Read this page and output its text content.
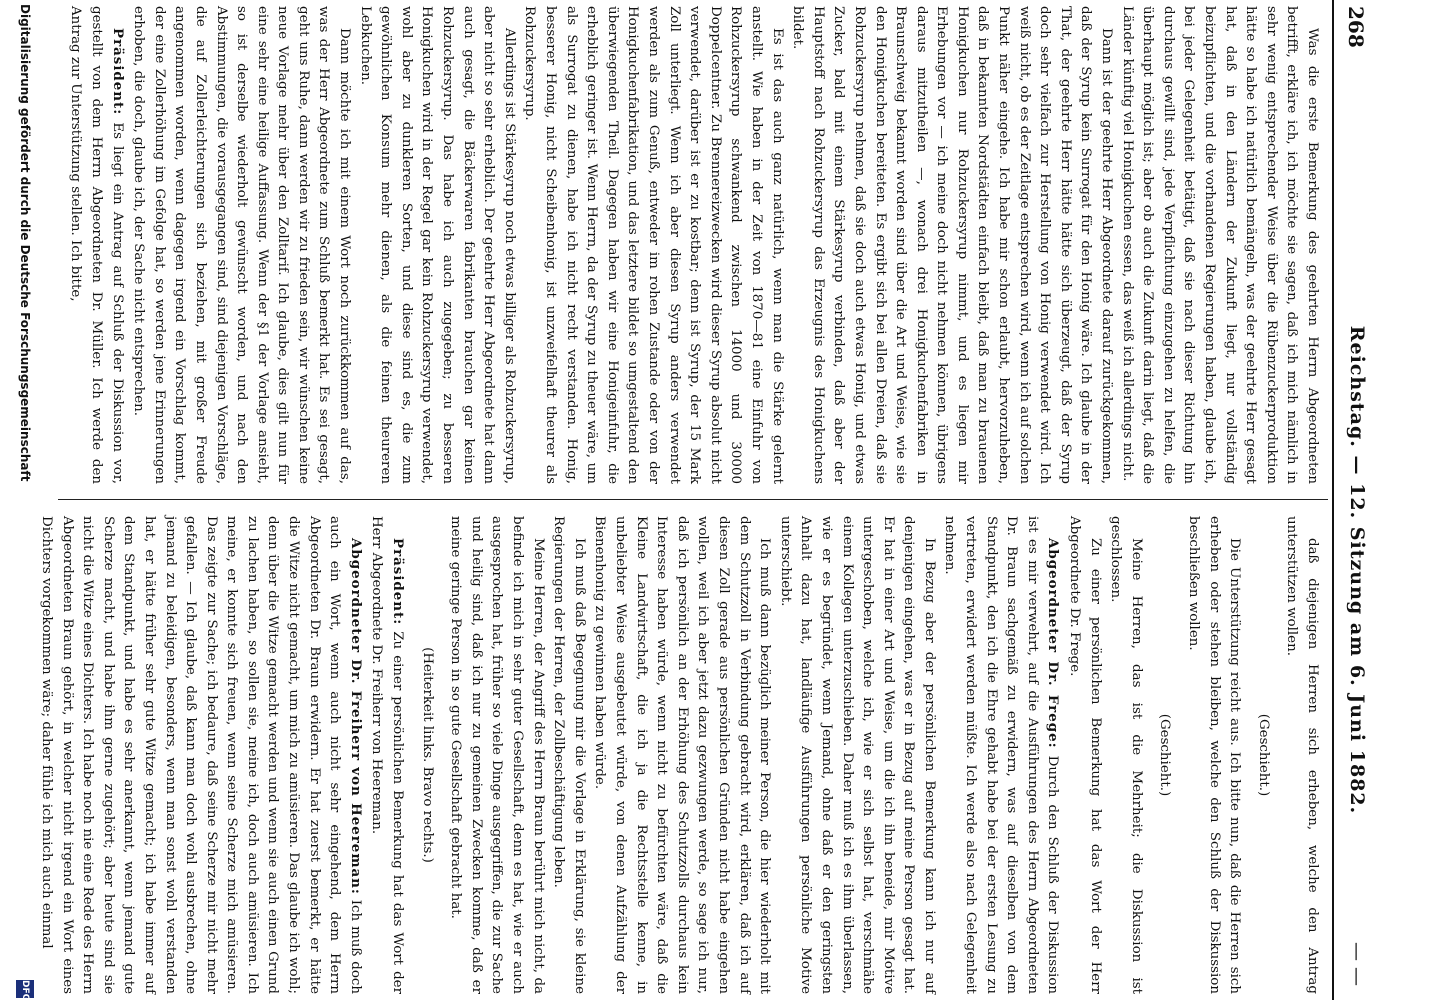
268
Reichstag. — 12. Sitzung am 6. Juni 1882.
— —

Was die erste Bemerkung des geehrten Herrn Abgeordneten betrifft, erkläre ich, ich möchte sie sagen, daß ich mich nämlich in sehr wenig entsprechender Weise über die Rübenzuckerproduktion hätte so habe ich natürlich bemängeln, was der geehrte Herr gesagt hat, daß in den Ländern der Zukunft liegt, nur vollständig beizupflichten, und die vorhandenen Regierungen haben, glaube ich, bei jeder Gelegenheit betätigt, daß sie nach dieser Richtung hin durchaus gewillt sind, jede Verpflichtung einzugehen zu helfen, die überhaupt möglich ist; aber ob auch die Zukunft darin liegt, daß die Länder künftig viel Honigkuchen essen, das weiß ich allerdings nicht.

Dann ist der geehrte Herr Abgeordnete darauf zurückgekommen, daß der Syrup kein Surrogat für den Honig wäre. Ich glaube in der That, der geehrte Herr hätte hätte sich überzeugt, daß der Syrup doch sehr vielfach zur Herstellung von Honig verwendet wird. Ich weiß nicht, ob es der Zeitlage entsprechen wird, wenn ich auf solchen Punkt näher eingehe. Ich habe mir schon erlaubt, hervorzuheben, daß in bekannten Nordstädten einfach bleibt, daß man zu brauenen Honigkuchen nur Rohzuckersyrup nimmt, und es liegen mir Erhebungen vor — ich meine doch nicht nehmen können, übrigens daraus mitzutheilen —, wonach drei Honigkuchenfabriken in Braunschweig bekannt worden sind über die Art und Weise, wie sie den Honigkuchen bereiteten. Es ergibt sich bei allen Dreien, daß sie Rohzuckersyrup nehmen, daß sie doch auch etwas Honig, und etwas Zucker, bald mit einem Stärkesyrup verbinden, daß aber der Hauptstoff nach Rohzuckersyrup das Erzeugnis des Honigkuchens bildet.

Es ist das auch ganz natürlich, wenn man die Stärke gelernt anstellt. Wie haben in der Zeit von 1870—81 eine Einfuhr von Rohzuckersyrup schwankend zwischen 14000 und 30000 Doppelcentner. Zu Brennereizwecken wird dieser Syrup absolut nicht verwendet, darüber ist er zu kostbar; denn ist Syrup, der 15 Mark Zoll unterliegt. Wenn ich aber diesen Syrup anders verwendet werden als zum Genuß, entweder im rohen Zustande oder von der Honigkuchenfabrikation, und das letztere bildet so umgestaltend den überwiegenden Theil. Dagegen haben wir eine Honigeinfuhr, die erheblich geringer ist. Wenn Herrn, da der Syrup zu theuer wäre, um als Surrogat zu dienen, habe ich nicht recht verstanden. Honig, besserer Honig, nicht Scheibenhonig, ist unzweifelhaft theurer als Rohzuckersyrup.

Allerdings ist Stärkesyrup noch etwas billiger als Rohzuckersyrup, aber nicht so sehr erheblich. Der geehrte Herr Abgeordnete hat dann auch gesagt, die Bäckerwaren fabrikanten brauchen gar keinen Rohzuckersyrup. Das habe ich auch zugegeben; zu besseren Honigkuchen wird in der Regel gar kein Rohzuckersyrup verwendet, wohl aber zu dunkleren Sorten, und diese sind es, die zum gewöhnlichen Konsum mehr dienen, als die feinen theureren Lebkuchen.

Dann möchte ich mit einem Wort noch zurückkommen auf das, was der Herr Abgeordnete zum Schluß bemerkt hat. Es sei gesagt, geht uns Ruhe, dann werden wir zu frieden sein, wir wünschen keine neue Vorlage mehr über den Zolltarif. Ich glaube, dies gilt nun für eine sehr eine heilige Auffassung. Wenn der §1 der Vorlage ansieht, so ist derselbe wiederholt gewünscht worden, und nach den Abstimmungen, die vorausgegangen sind, sind diejenigen Vorschläge, die auf Zollerleichterungen sich beziehen, mit großer Freude angenommen worden, wenn dagegen irgend ein Vorschlag kommt, der eine Zollerhöhung im Gefolge hat, so werden jene Erinnerungen erhoben, die doch, glaube ich, der Sache nicht entsprechen.

Präsident: Es liegt ein Antrag auf Schluß der Diskussion vor, gestellt von dem Herrn Abgeordneten Dr. Müller. Ich werde den Antrag zur Unterstützung stellen. Ich bitte,

daß diejenigen Herren sich erheben, welche den Antrag unterstützen wollen.

(Geschieht.)

Die Unterstützung reicht aus. Ich bitte nun, daß die Herren sich erheben oder stehen bleiben, welche den Schluß der Diskussion beschließen wollen.

(Geschieht.)

Meine Herren, das ist die Mehrheit; die Diskussion ist geschlossen.

Zu einer persönlichen Bemerkung hat das Wort der Herr Abgeordnete Dr. Frege.

Abgeordneter Dr. Frege: Durch den Schluß der Diskussion ist es mir verwehrt, auf die Ausführungen des Herrn Abgeordneten Dr. Braun sachgemäß zu erwidern, was auf dieselben von dem Standpunkt, den ich die Ehre gehabt habe bei der ersten Lesung zu vertreten, erwidert werden müßte. Ich werde also nach Gelegenheit nehmen.

In Bezug aber der persönlichen Bemerkung kann ich nur auf denjenigen eingehen, was er in Bezug auf meine Person gesagt hat. Er hat in einer Art und Weise, um die ich ihn beneide, mir Motive untergeschoben, welche ich, wie er sich selbst hat, verschmähe einem Kollegen unterzuschieben. Daher muß ich es ihm überlassen, wie er es begründet, wenn Jemand, ohne daß er den geringsten Anhalt dazu hat, landläufige Ausführungen persönliche Motive unterschiebt.

Ich muß dann bezüglich meiner Person, die hier wiederholt mit dem Schutzzoll in Verbindung gebracht wird, erklären, daß ich auf diesen Zoll gerade aus persönlichen Gründen nicht habe eingehen wollen, weil ich aber jetzt dazu gezwungen werde, so sage ich nur, daß ich persönlich an der Erhöhung des Schutzzolls durchaus kein Interesse haben würde, wenn nicht zu befürchten wäre, daß die Kleine Landwirtschaft, die ich ja die Rechtsstelle kenne, in unbeliebter Weise ausgebeutet würde, von denen Aufzählung der Bienenhonig zu gewinnen haben würde.

Ich muß daß Begegnung mir die Vorlage in Erklärung, sie kleine Regierungen der Herren, der Zollbeschäftigung leben.

Meine Herren, der Angriff des Herrn Braun berührt mich nicht, da befinde ich mich in sehr guter Gesellschaft, denn es hat, wie er auch ausgesprochen hat, früher so viele Dinge ausgegriffen, die zur Sache und heilig sind, daß ich nur zu gemeinen Zwecken komme, daß er meine geringe Person in so gute Gesellschaft gebracht hat.

(Heiterkeit links. Bravo rechts.)

Präsident: Zu einer persönlichen Bemerkung hat das Wort der Herr Abgeordnete Dr. Freiherr von Heereman.

Abgeordneter Dr. Freiherr von Heereman: Ich muß doch auch ein Wort, wenn auch nicht sehr eingehend, dem Herrn Abgeordneten Dr. Braun erwidern. Er hat zuerst bemerkt, er hätte die Witze nicht gemacht, um mich zu amüsieren. Das glaube ich wohl; denn über die Witze gemacht werden und wenn sie auch einen Grund zu lachen haben, so sollen sie, meine ich, doch auch amüsieren. Ich meine, er konnte sich freuen, wenn seine Scherze mich amüsieren. Das zeigte zur Sache; ich bedaure, daß seine Scherze mir nicht mehr gefallen. — Ich glaube, daß kann man doch wohl ausbrechen, ohne jemand zu beleidigen, besonders, wenn man sonst wohl verstanden hat, er hätte früher sehr gute Witze gemacht; ich habe immer auf dem Standpunkt, und habe es sehr anerkannt, wenn jemand gute Scherze macht, und habe ihm gerne zugehört; aber heute sind sie nicht die Witze eines Dichters. Ich habe noch nie eine Rede des Herrn Abgeordneten Braun gehört, in welcher nicht irgend ein Wort eines Dichters vorgekommen wäre; daher fühle ich mich auch einmal

Digitalisierung gefördert durch die Deutsche Forschungsgemeinschaft
DFG
